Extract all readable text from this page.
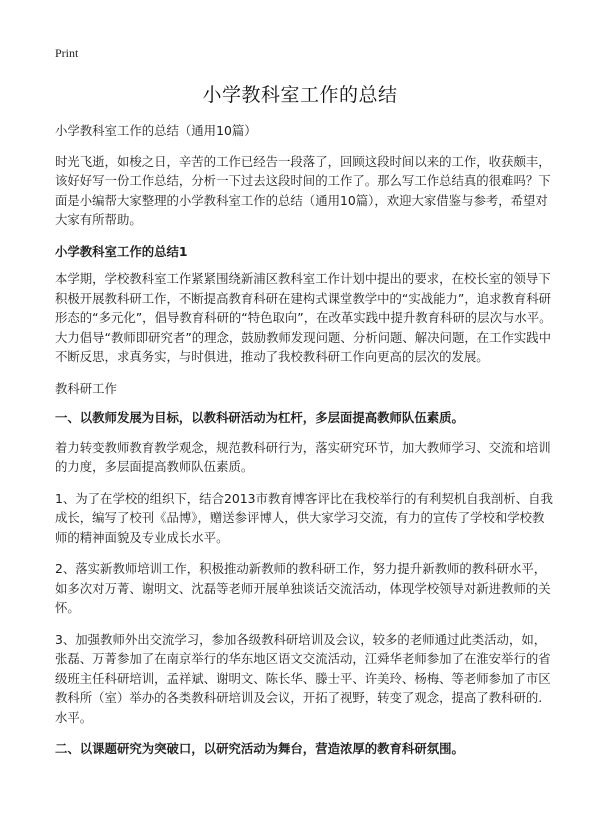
Print
小学教科室工作的总结

小学教科室工作的总结（通用10篇）

时光飞逝，如梭之日，辛苦的工作已经告一段落了，回顾这段时间以来的工作，收获颇丰，该好好写一份工作总结，分析一下过去这段时间的工作了。那么写工作总结真的很难吗？下面是小编帮大家整理的小学教科室工作的总结（通用10篇），欢迎大家借鉴与参考，希望对大家有所帮助。

小学教科室工作的总结1

本学期，学校教科室工作紧紧围绕新浦区教科室工作计划中提出的要求，在校长室的领导下积极开展教科研工作，不断提高教育科研在建构式课堂教学中的“实战能力”，追求教育科研形态的“多元化”，倡导教育科研的“特色取向”，在改革实践中提升教育科研的层次与水平。大力倡导“教师即研究者”的理念，鼓励教师发现问题、分析问题、解决问题，在工作实践中不断反思，求真务实，与时俱进，推动了我校教科研工作向更高的层次的发展。

教科研工作

一、以教师发展为目标，以教科研活动为杠杆，多层面提高教师队伍素质。

着力转变教师教育教学观念，规范教科研行为，落实研究环节，加大教师学习、交流和培训的力度，多层面提高教师队伍素质。

1、为了在学校的组织下，结合2013市教育博客评比在我校举行的有利契机自我剖析、自我成长，编写了校刊《品博》，赠送参评博人，供大家学习交流，有力的宣传了学校和学校教师的精神面貌及专业成长水平。

2、落实新教师培训工作，积极推动新教师的教科研工作，努力提升新教师的教科研水平，如多次对万菁、谢明文、沈磊等老师开展单独谈话交流活动，体现学校领导对新进教师的关怀。

3、加强教师外出交流学习，参加各级教科研培训及会议，较多的老师通过此类活动，如，张磊、万菁参加了在南京举行的华东地区语文交流活动，江舜华老师参加了在淮安举行的省级班主任科研培训，孟祥斌、谢明文、陈长华、滕士平、许美玲、杨梅、等老师参加了市区教科所（室）举办的各类教科研培训及会议，开拓了视野，转变了观念，提高了教科研的.水平。

二、以课题研究为突破口，以研究活动为舞台，营造浓厚的教育科研氛围。
